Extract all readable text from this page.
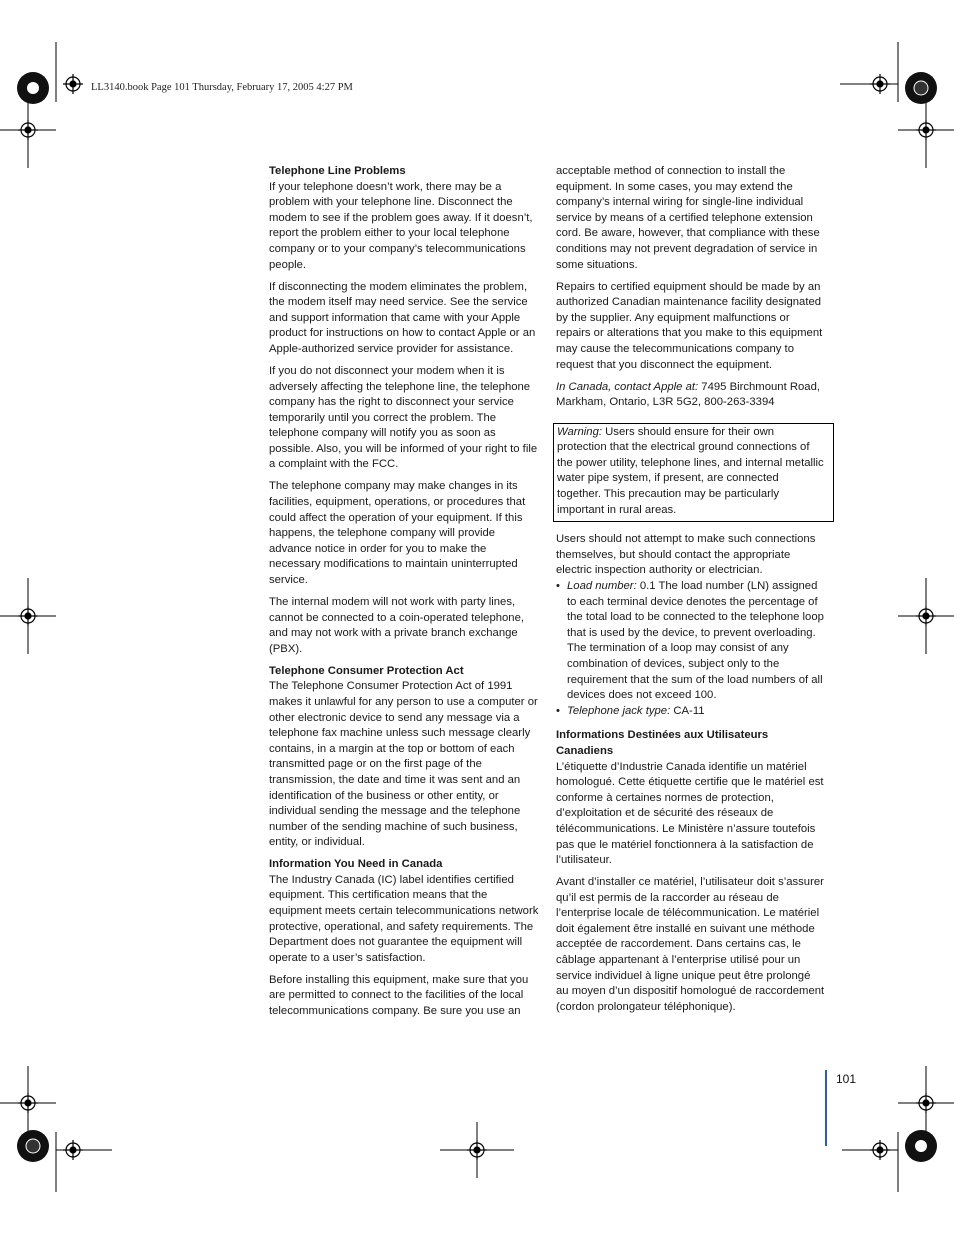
LL3140.book Page 101 Thursday, February 17, 2005 4:27 PM
Telephone Line Problems

If your telephone doesn’t work, there may be a problem with your telephone line. Disconnect the modem to see if the problem goes away. If it doesn’t, report the problem either to your local telephone company or to your company’s telecommunications people.

If disconnecting the modem eliminates the problem, the modem itself may need service. See the service and support information that came with your Apple product for instructions on how to contact Apple or an Apple-authorized service provider for assistance.

If you do not disconnect your modem when it is adversely affecting the telephone line, the telephone company has the right to disconnect your service temporarily until you correct the problem. The telephone company will notify you as soon as possible. Also, you will be informed of your right to file a complaint with the FCC.

The telephone company may make changes in its facilities, equipment, operations, or procedures that could affect the operation of your equipment. If this happens, the telephone company will provide advance notice in order for you to make the necessary modifications to maintain uninterrupted service.

The internal modem will not work with party lines, cannot be connected to a coin-operated telephone, and may not work with a private branch exchange (PBX).

Telephone Consumer Protection Act

The Telephone Consumer Protection Act of 1991 makes it unlawful for any person to use a computer or other electronic device to send any message via a telephone fax machine unless such message clearly contains, in a margin at the top or bottom of each transmitted page or on the first page of the transmission, the date and time it was sent and an identification of the business or other entity, or individual sending the message and the telephone number of the sending machine of such business, entity, or individual.

Information You Need in Canada

The Industry Canada (IC) label identifies certified equipment. This certification means that the equipment meets certain telecommunications network protective, operational, and safety requirements. The Department does not guarantee the equipment will operate to a user’s satisfaction.

Before installing this equipment, make sure that you are permitted to connect to the facilities of the local telecommunications company. Be sure you use an

acceptable method of connection to install the equipment. In some cases, you may extend the company’s internal wiring for single-line individual service by means of a certified telephone extension cord. Be aware, however, that compliance with these conditions may not prevent degradation of service in some situations.

Repairs to certified equipment should be made by an authorized Canadian maintenance facility designated by the supplier. Any equipment malfunctions or repairs or alterations that you make to this equipment may cause the telecommunications company to request that you disconnect the equipment.

In Canada, contact Apple at: 7495 Birchmount Road, Markham, Ontario, L3R 5G2, 800-263-3394

Warning: Users should ensure for their own protection that the electrical ground connections of the power utility, telephone lines, and internal metallic water pipe system, if present, are connected together. This precaution may be particularly important in rural areas.

Users should not attempt to make such connections themselves, but should contact the appropriate electric inspection authority or electrician.

• Load number: 0.1 The load number (LN) assigned to each terminal device denotes the percentage of the total load to be connected to the telephone loop that is used by the device, to prevent overloading. The termination of a loop may consist of any combination of devices, subject only to the requirement that the sum of the load numbers of all devices does not exceed 100.
• Telephone jack type: CA-11
Informations Destinées aux Utilisateurs Canadiens

L’étiquette d’Industrie Canada identifie un matériel homologué. Cette étiquette certifie que le matériel est conforme à certaines normes de protection, d’exploitation et de sécurité des réseaux de télécommunications. Le Ministère n’assure toutefois pas que le matériel fonctionnera à la satisfaction de l’utilisateur.

Avant d’installer ce matériel, l’utilisateur doit s’assurer qu’il est permis de la raccorder au réseau de l’enterprise locale de télécommunication. Le matériel doit également être installé en suivant une méthode acceptée de raccordement. Dans certains cas, le câblage appartenant à l’enterprise utilisé pour un service individuel à ligne unique peut être prolongé au moyen d’un dispositif homologué de raccordement (cordon prolongateur téléphonique).

101
